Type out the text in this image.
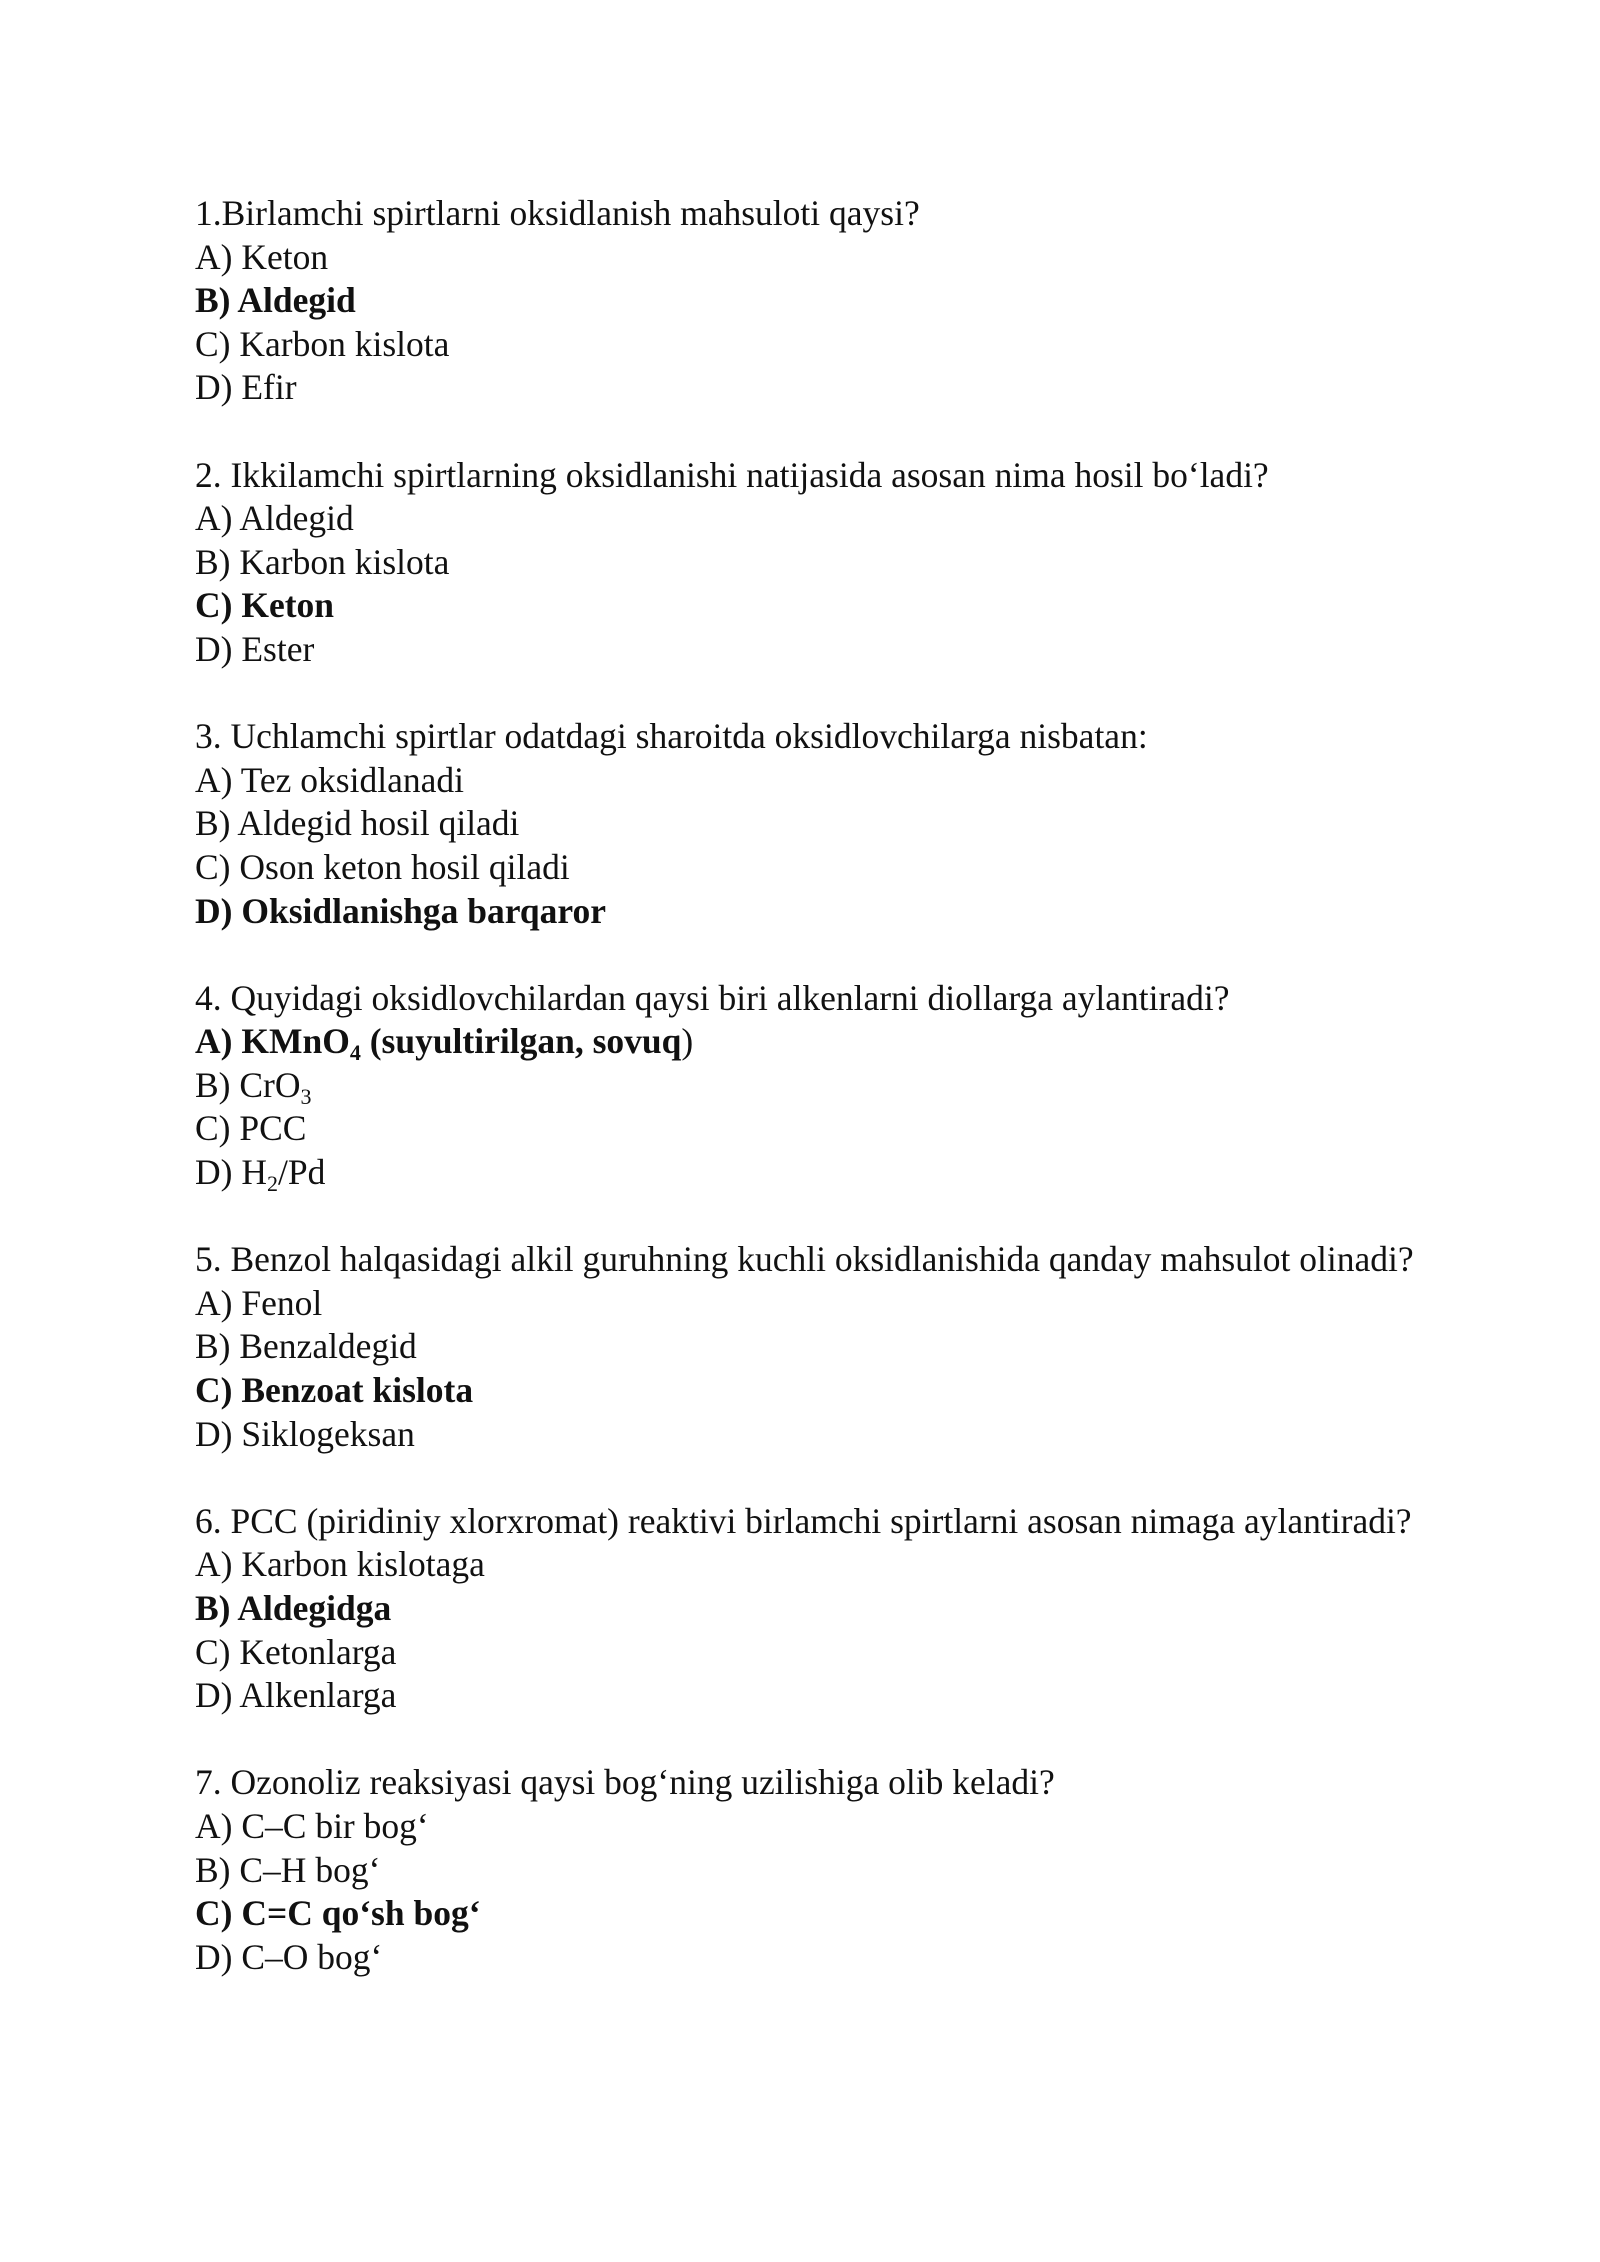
1.Birlamchi spirtlarni oksidlanish mahsuloti qaysi?
A) Keton
B) Aldegid
C) Karbon kislota
D) Efir
2. Ikkilamchi spirtlarning oksidlanishi natijasida asosan nima hosil bo‘ladi?
A) Aldegid
B) Karbon kislota
C) Keton
D) Ester
3. Uchlamchi spirtlar odatdagi sharoitda oksidlovchilarga nisbatan:
A) Tez oksidlanadi
B) Aldegid hosil qiladi
C) Oson keton hosil qiladi
D) Oksidlanishga barqaror
4. Quyidagi oksidlovchilardan qaysi biri alkenlarni diollarga aylantiradi?
A) KMnO$_4$ (suyultirilgan, sovuq)
B) CrO$_3$
C) PCC
D) $H_2/Pd$
5. Benzol halqasidagi alkil guruhning kuchli oksidlanishida qanday mahsulot olinadi?
A) Fenol
B) Benzaldegid
C) Benzoat kislota
D) Siklogeksan
6. PCC (piridiniy xlorxromat) reaktivi birlamchi spirtlarni asosan nimaga aylantiradi?
A) Karbon kislotaga
B) Aldegidga
C) Ketonlarga
D) Alkenlarga
7. Ozonoliz reaksiyasi qaysi bog‘ning uzilishiga olib keladi?
A) C–C bir bog‘
B) C–H bog‘
C) C=C qo‘sh bog‘
D) C–O bog‘
